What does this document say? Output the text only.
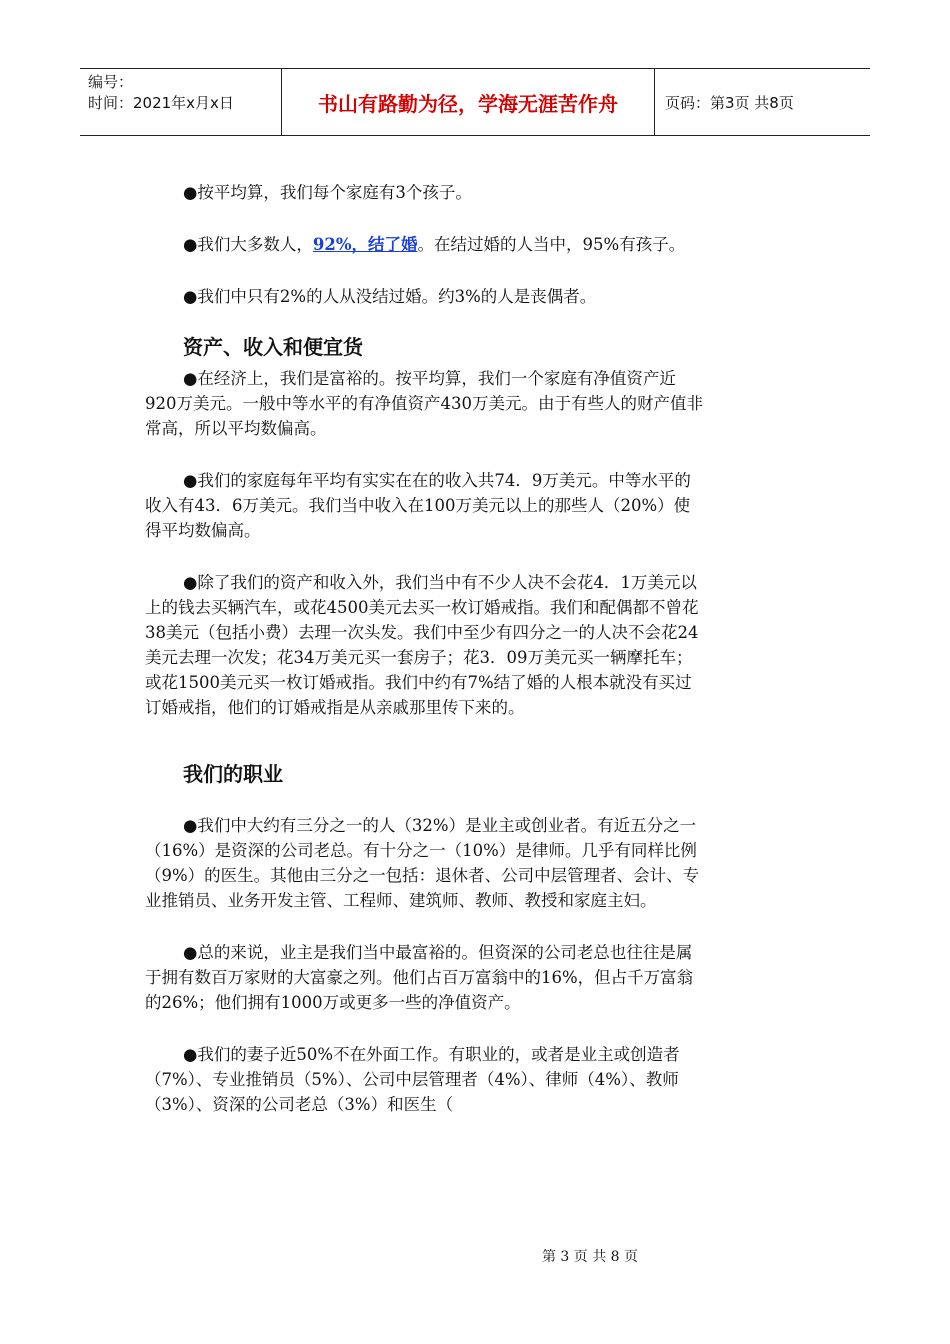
编号：
时间：2021年x月x日	书山有路勤为径，学海无涯苦作舟	页码：第3页 共8页

●按平均算，我们每个家庭有3个孩子。

●我们大多数人，92%，结了婚。在结过婚的人当中，95%有孩子。

●我们中只有2%的人从没结过婚。约3%的人是丧偶者。

资产、收入和便宜货

●在经济上，我们是富裕的。按平均算，我们一个家庭有净值资产近920万美元。一般中等水平的有净值资产430万美元。由于有些人的财产值非常高，所以平均数偏高。

●我们的家庭每年平均有实实在在的收入共74．9万美元。中等水平的收入有43．6万美元。我们当中收入在100万美元以上的那些人（20%）使得平均数偏高。

●除了我们的资产和收入外，我们当中有不少人决不会花4．1万美元以上的钱去买辆汽车，或花4500美元去买一枚订婚戒指。我们和配偶都不曾花38美元（包括小费）去理一次头发。我们中至少有四分之一的人决不会花24美元去理一次发；花34万美元买一套房子；花3．09万美元买一辆摩托车；或花1500美元买一枚订婚戒指。我们中约有7%结了婚的人根本就没有买过订婚戒指，他们的订婚戒指是从亲戚那里传下来的。

我们的职业

●我们中大约有三分之一的人（32%）是业主或创业者。有近五分之一（16%）是资深的公司老总。有十分之一（10%）是律师。几乎有同样比例（9%）的医生。其他由三分之一包括：退休者、公司中层管理者、会计、专业推销员、业务开发主管、工程师、建筑师、教师、教授和家庭主妇。

●总的来说，业主是我们当中最富裕的。但资深的公司老总也往往是属于拥有数百万家财的大富豪之列。他们占百万富翁中的16%，但占千万富翁的26%；他们拥有1000万或更多一些的净值资产。

●我们的妻子近50%不在外面工作。有职业的，或者是业主或创造者（7%）、专业推销员（5%）、公司中层管理者（4%）、律师（4%）、教师（3%）、资深的公司老总（3%）和医生（

第 3 页 共 8 页
